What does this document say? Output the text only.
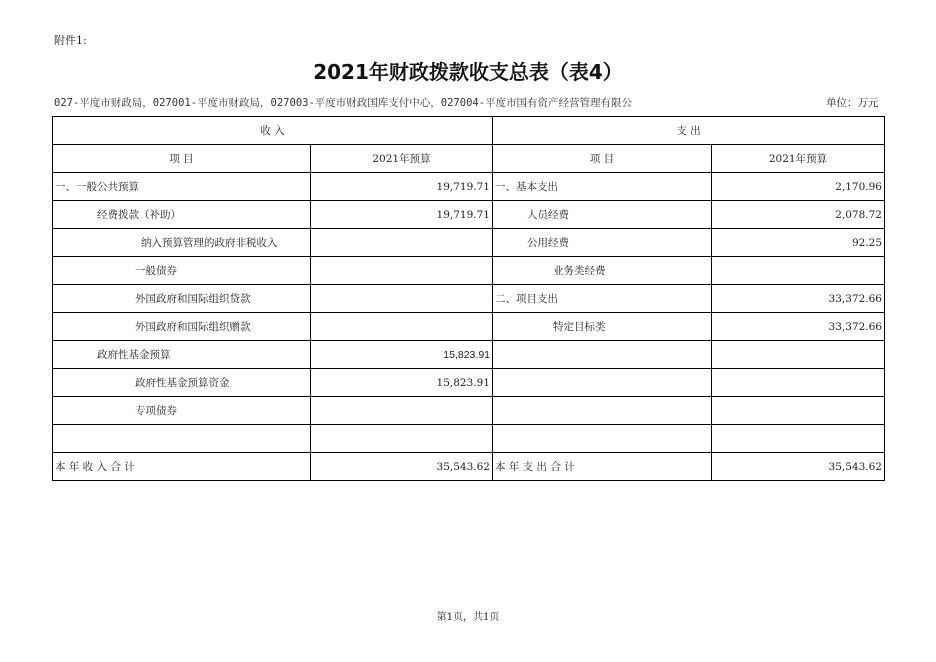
附件1:
2021年财政拨款收支总表（表4）
027-平度市财政局，027001-平度市财政局，027003-平度市财政国库支付中心，027004-平度市国有资产经营管理有限公	单位：万元
收 入		支 出	
项 目	2021年预算	项 目	2021年预算
一、一般公共预算	19,719.71	一、基本支出	2,170.96
经费拨款（补助）	19,719.71	人员经费	2,078.72
纳入预算管理的政府非税收入		公用经费	92.25
一般债券		业务类经费	
外国政府和国际组织贷款		二、项目支出	33,372.66
外国政府和国际组织赠款		特定目标类	33,372.66
政府性基金预算	15,823.91		
政府性基金预算资金	15,823.91		
专项债券			

本 年 收 入 合 计	35,543.62	本 年 支 出 合 计	35,543.62
第1页，共1页
